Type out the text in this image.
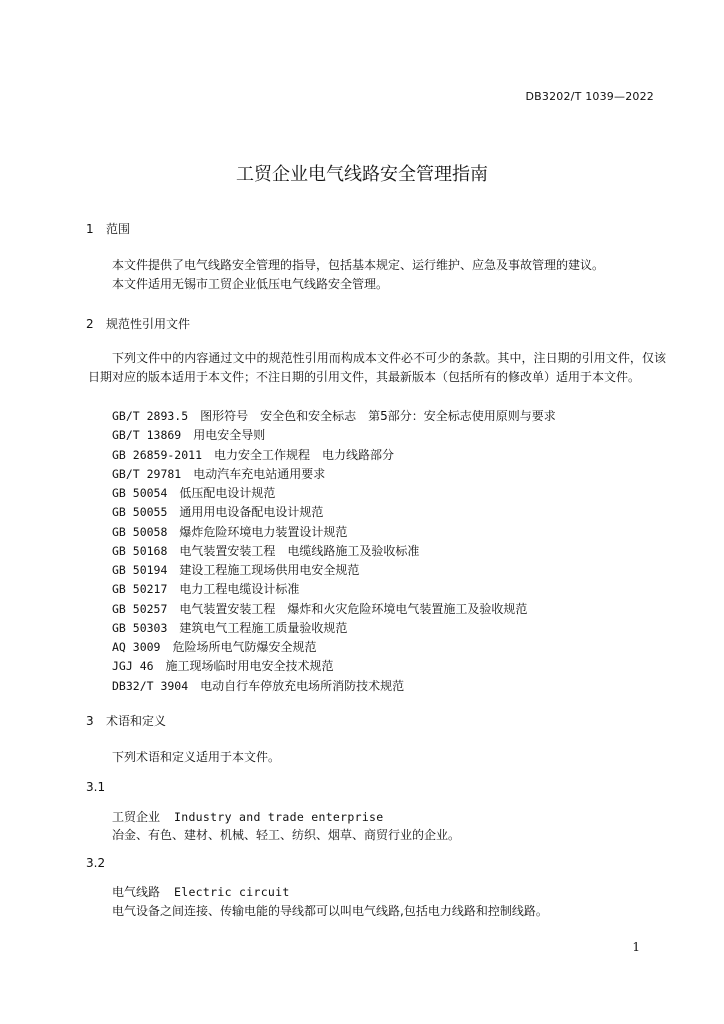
DB3202/T 1039—2022
工贸企业电气线路安全管理指南
1 范围
本文件提供了电气线路安全管理的指导，包括基本规定、运行维护、应急及事故管理的建议。
本文件适用无锡市工贸企业低压电气线路安全管理。
2 规范性引用文件
下列文件中的内容通过文中的规范性引用而构成本文件必不可少的条款。其中，注日期的引用文件，仅该日期对应的版本适用于本文件；不注日期的引用文件，其最新版本（包括所有的修改单）适用于本文件。
GB/T 2893.5 图形符号　安全色和安全标志　第5部分：安全标志使用原则与要求
GB/T 13869 用电安全导则
GB 26859-2011 电力安全工作规程　电力线路部分
GB/T 29781 电动汽车充电站通用要求
GB 50054 低压配电设计规范
GB 50055 通用用电设备配电设计规范
GB 50058 爆炸危险环境电力装置设计规范
GB 50168 电气装置安装工程　电缆线路施工及验收标准
GB 50194 建设工程施工现场供用电安全规范
GB 50217 电力工程电缆设计标准
GB 50257 电气装置安装工程　爆炸和火灾危险环境电气装置施工及验收规范
GB 50303 建筑电气工程施工质量验收规范
AQ 3009 危险场所电气防爆安全规范
JGJ 46 施工现场临时用电安全技术规范
DB32/T 3904 电动自行车停放充电场所消防技术规范
3 术语和定义
下列术语和定义适用于本文件。
3.1
工贸企业 Industry and trade enterprise
冶金、有色、建材、机械、轻工、纺织、烟草、商贸行业的企业。
3.2
电气线路 Electric circuit
电气设备之间连接、传输电能的导线都可以叫电气线路,包括电力线路和控制线路。
1
